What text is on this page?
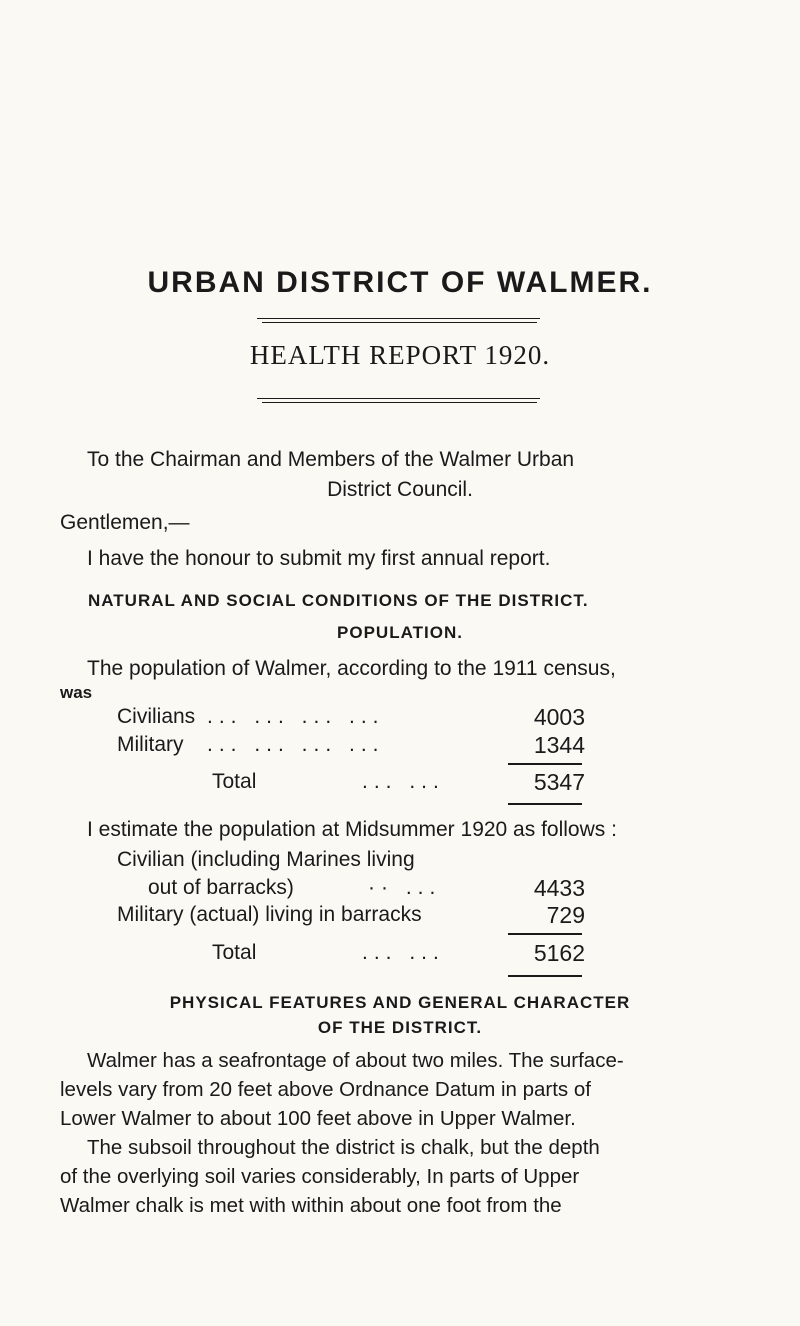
URBAN DISTRICT OF WALMER.
HEALTH REPORT 1920.
To the Chairman and Members of the Walmer Urban
District Council.
Gentlemen,—
I have the honour to submit my first annual report.
NATURAL AND SOCIAL CONDITIONS OF THE DISTRICT.
POPULATION.
The population of Walmer, according to the 1911 census,
was
Civilians ... ... ... ...	4003
Military ... ... ... ...	1344
Total	... ...	5347
I estimate the population at Midsummer 1920 as follows :
Civilian (including Marines living
out of barracks)	·· ...	4433
Military (actual) living in barracks	729
Total	... ...	5162
PHYSICAL FEATURES AND GENERAL CHARACTER
OF THE DISTRICT.
Walmer has a seafrontage of about two miles. The surface-
levels vary from 20 feet above Ordnance Datum in parts of
Lower Walmer to about 100 feet above in Upper Walmer.
The subsoil throughout the district is chalk, but the depth
of the overlying soil varies considerably, In parts of Upper
Walmer chalk is met with within about one foot from the
